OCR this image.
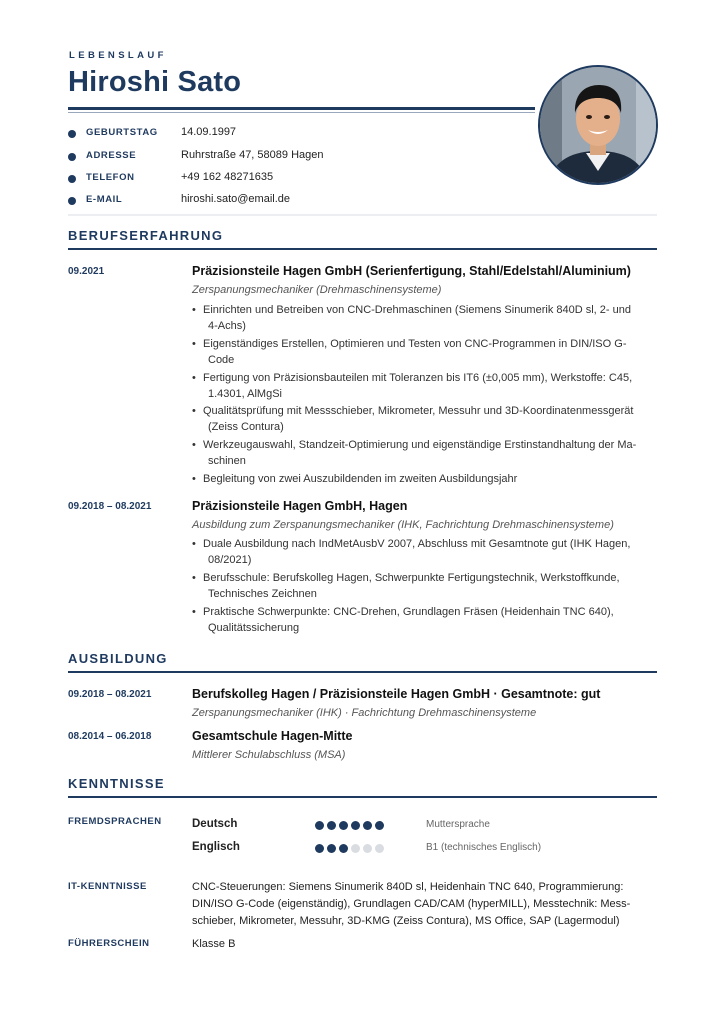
LEBENSLAUF
Hiroshi Sato
GEBURTSTAG 14.09.1997
ADRESSE	Ruhrstraße 47, 58089 Hagen
TELEFON	+49 162 48271635
E-MAIL	hiroshi.sato@email.de
BERUFSERFAHRUNG
09.2021	Präzisionsteile Hagen GmbH (Serienfertigung, Stahl/Edelstahl/Aluminium)
Zerspanungsmechaniker (Drehmaschinensysteme)
• Einrichten und Betreiben von CNC-Drehmaschinen (Siemens Sinumerik 840D sl, 2- und
4-Achs)
• Eigenständiges Erstellen, Optimieren und Testen von CNC-Programmen in DIN/ISO G-
Code
• Fertigung von Präzisionsbauteilen mit Toleranzen bis IT6 (±0,005 mm), Werkstoffe: C45,
1.4301, AlMgSi
• Qualitätsprüfung mit Messschieber, Mikrometer, Messuhr und 3D-Koordinatenmessgerät
(Zeiss Contura)
• Werkzeugauswahl, Standzeit-Optimierung und eigenständige Erstinstandhaltung der Ma-
schinen
• Begleitung von zwei Auszubildenden im zweiten Ausbildungsjahr
09.2018 – 08.2021	Präzisionsteile Hagen GmbH, Hagen
Ausbildung zum Zerspanungsmechaniker (IHK, Fachrichtung Drehmaschinensysteme)
• Duale Ausbildung nach IndMetAusbV 2007, Abschluss mit Gesamtnote gut (IHK Hagen,
08/2021)
• Berufsschule: Berufskolleg Hagen, Schwerpunkte Fertigungstechnik, Werkstoffkunde,
Technisches Zeichnen
• Praktische Schwerpunkte: CNC-Drehen, Grundlagen Fräsen (Heidenhain TNC 640),
Qualitätssicherung
AUSBILDUNG
09.2018 – 08.2021	Berufskolleg Hagen / Präzisionsteile Hagen GmbH · Gesamtnote: gut
Zerspanungsmechaniker (IHK) · Fachrichtung Drehmaschinensysteme
08.2014 – 06.2018	Gesamtschule Hagen-Mitte
Mittlerer Schulabschluss (MSA)
KENNTNISSE
FREMDSPRACHEN	Deutsch	Muttersprache
Englisch	B1 (technisches Englisch)
IT-KENNTNISSE	CNC-Steuerungen: Siemens Sinumerik 840D sl, Heidenhain TNC 640, Programmierung:
DIN/ISO G-Code (eigenständig), Grundlagen CAD/CAM (hyperMILL), Messtechnik: Mess-
schieber, Mikrometer, Messuhr, 3D-KMG (Zeiss Contura), MS Office, SAP (Lagermodul)
FÜHRERSCHEIN	Klasse B
